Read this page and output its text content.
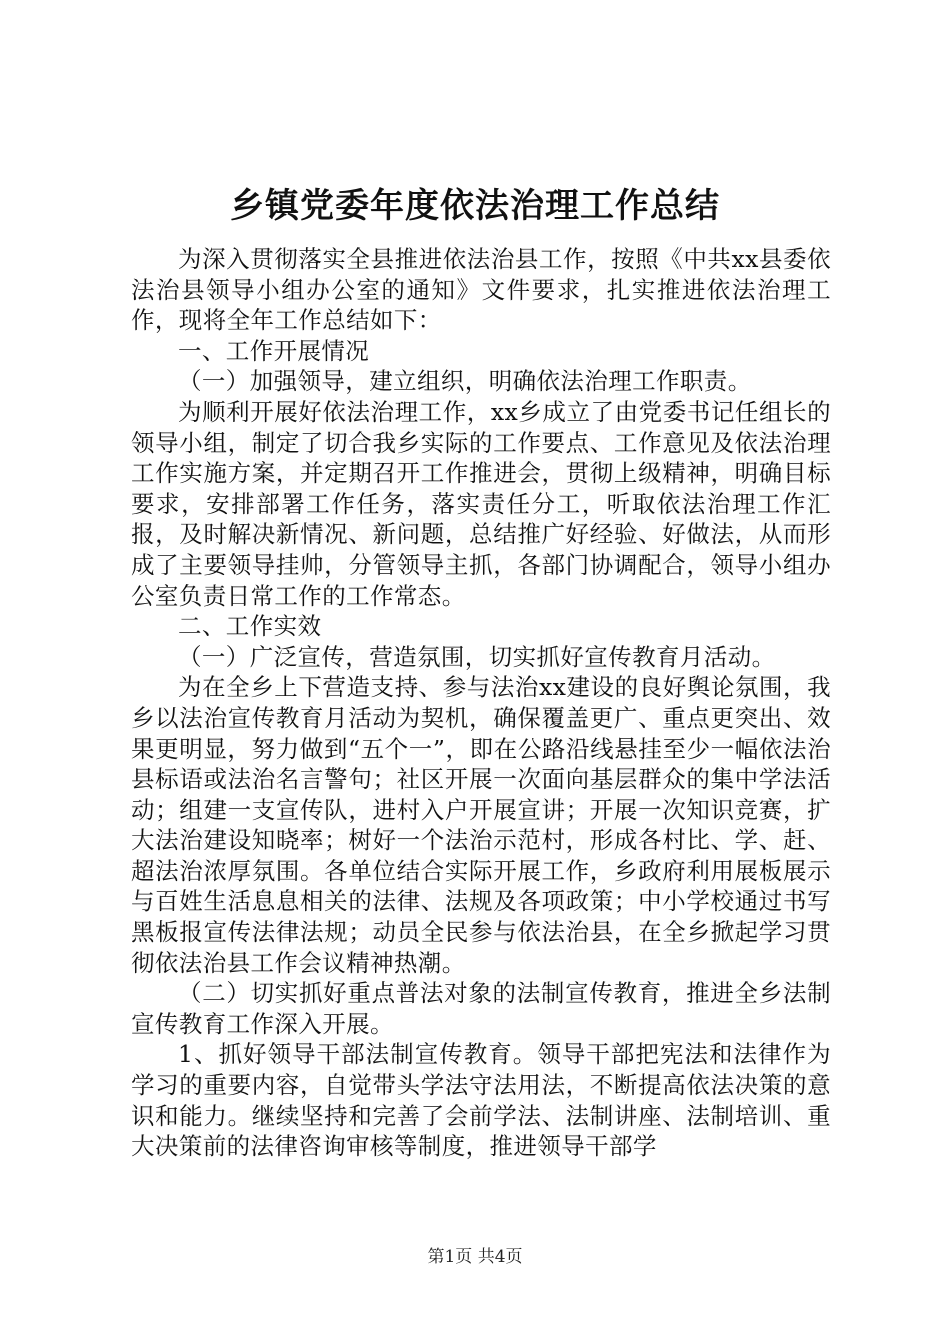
乡镇党委年度依法治理工作总结

为深入贯彻落实全县推进依法治县工作，按照《中共xx县委依法治县领导小组办公室的通知》文件要求，扎实推进依法治理工作，现将全年工作总结如下：

一、工作开展情况

（一）加强领导，建立组织，明确依法治理工作职责。

为顺利开展好依法治理工作，xx乡成立了由党委书记任组长的领导小组，制定了切合我乡实际的工作要点、工作意见及依法治理工作实施方案，并定期召开工作推进会，贯彻上级精神，明确目标要求，安排部署工作任务，落实责任分工，听取依法治理工作汇报，及时解决新情况、新问题，总结推广好经验、好做法，从而形成了主要领导挂帅，分管领导主抓，各部门协调配合，领导小组办公室负责日常工作的工作常态。

二、工作实效

（一）广泛宣传，营造氛围，切实抓好宣传教育月活动。

为在全乡上下营造支持、参与法治xx建设的良好舆论氛围，我乡以法治宣传教育月活动为契机，确保覆盖更广、重点更突出、效果更明显，努力做到“五个一”，即在公路沿线悬挂至少一幅依法治县标语或法治名言警句；社区开展一次面向基层群众的集中学法活动；组建一支宣传队，进村入户开展宣讲；开展一次知识竞赛，扩大法治建设知晓率；树好一个法治示范村，形成各村比、学、赶、超法治浓厚氛围。各单位结合实际开展工作，乡政府利用展板展示与百姓生活息息相关的法律、法规及各项政策；中小学校通过书写黑板报宣传法律法规；动员全民参与依法治县，在全乡掀起学习贯彻依法治县工作会议精神热潮。

（二）切实抓好重点普法对象的法制宣传教育，推进全乡法制宣传教育工作深入开展。

1、抓好领导干部法制宣传教育。领导干部把宪法和法律作为学习的重要内容，自觉带头学法守法用法，不断提高依法决策的意识和能力。继续坚持和完善了会前学法、法制讲座、法制培训、重大决策前的法律咨询审核等制度，推进领导干部学

第1页 共4页
